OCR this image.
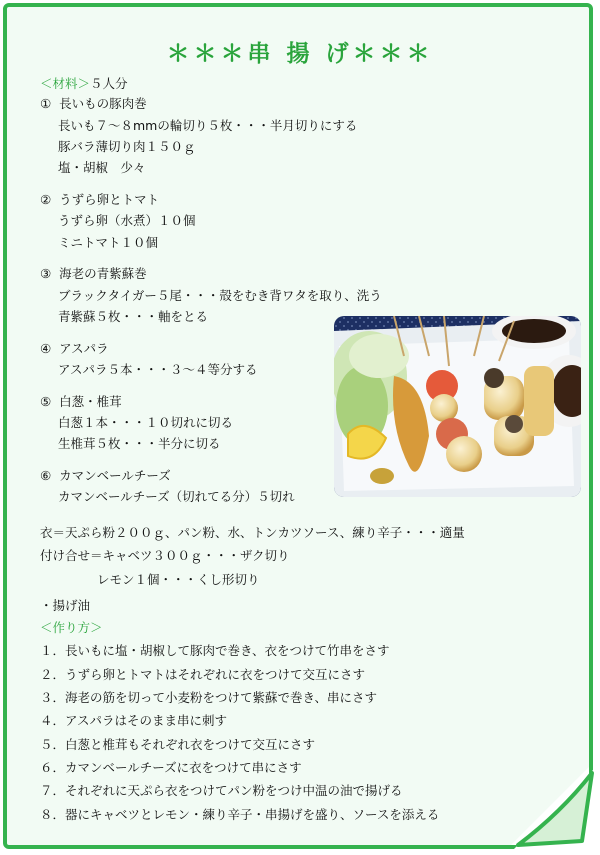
＊＊＊串 揚 げ＊＊＊
＜材料＞５人分
① 長いもの豚肉巻
長いも７～８mmの輪切り５枚・・・半月切りにする
豚バラ薄切り肉１５０ｇ
塩・胡椒　少々
② うずら卵とトマト
うずら卵（水煮）１０個
ミニトマト１０個
③ 海老の青紫蘇巻
ブラックタイガー５尾・・・殻をむき背ワタを取り、洗う
青紫蘇５枚・・・軸をとる
④ アスパラ
アスパラ５本・・・３～４等分する
⑤ 白葱・椎茸
白葱１本・・・１０切れに切る
生椎茸５枚・・・半分に切る
⑥ カマンベールチーズ
カマンベールチーズ（切れてる分）５切れ
衣＝天ぷら粉２００ｇ、パン粉、水、トンカツソース、練り辛子・・・適量
付け合せ＝キャベツ３００ｇ・・・ザク切り
レモン１個・・・くし形切り
・揚げ油
＜作り方＞
１．長いもに塩・胡椒して豚肉で巻き、衣をつけて竹串をさす
２．うずら卵とトマトはそれぞれに衣をつけて交互にさす
３．海老の筋を切って小麦粉をつけて紫蘇で巻き、串にさす
４．アスパラはそのまま串に刺す
５．白葱と椎茸もそれぞれ衣をつけて交互にさす
６．カマンベールチーズに衣をつけて串にさす
７．それぞれに天ぷら衣をつけてパン粉をつけ中温の油で揚げる
８．器にキャベツとレモン・練り辛子・串揚げを盛り、ソースを添える
